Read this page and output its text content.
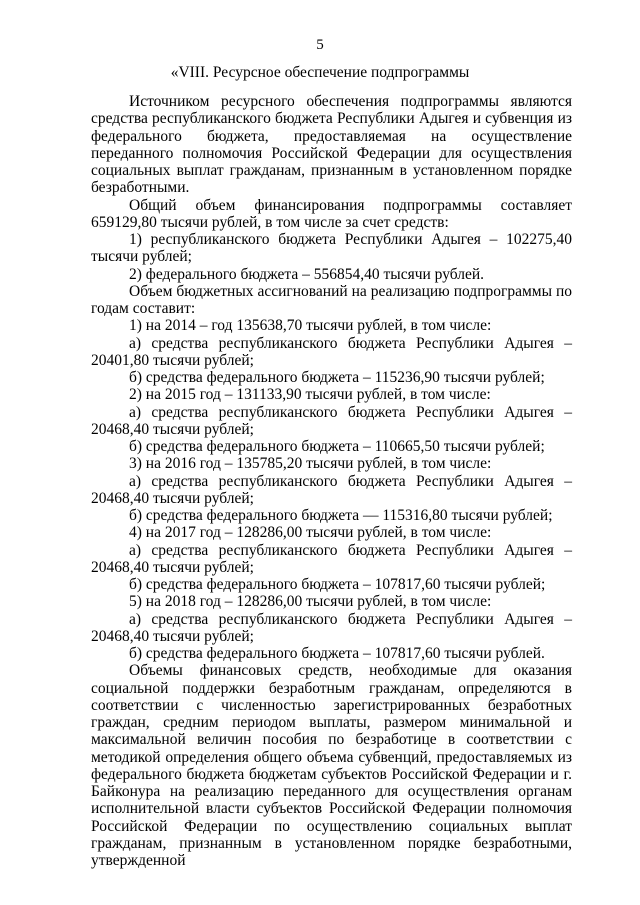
5
«VIII. Ресурсное обеспечение подпрограммы

Источником ресурсного обеспечения подпрограммы являются средства республиканского бюджета Республики Адыгея и субвенция из федерального бюджета, предоставляемая на осуществление переданного полномочия Российской Федерации для осуществления социальных выплат гражданам, признанным в установленном порядке безработными.

Общий объем финансирования подпрограммы составляет 659129,80 тысячи рублей, в том числе за счет средств:

1) республиканского бюджета Республики Адыгея – 102275,40 тысячи рублей;

2) федерального бюджета – 556854,40 тысячи рублей.

Объем бюджетных ассигнований на реализацию подпрограммы по годам составит:

1) на 2014 – год 135638,70 тысячи рублей, в том числе:

а) средства республиканского бюджета Республики Адыгея – 20401,80 тысячи рублей;

б) средства федерального бюджета – 115236,90 тысячи рублей;

2) на 2015 год – 131133,90 тысячи рублей, в том числе:

а) средства республиканского бюджета Республики Адыгея – 20468,40 тысячи рублей;

б) средства федерального бюджета – 110665,50 тысячи рублей;

3) на 2016 год – 135785,20 тысячи рублей, в том числе:

а) средства республиканского бюджета Республики Адыгея – 20468,40 тысячи рублей;

б) средства федерального бюджета — 115316,80 тысячи рублей;

4) на 2017 год – 128286,00 тысячи рублей, в том числе:

а) средства республиканского бюджета Республики Адыгея – 20468,40 тысячи рублей;

б) средства федерального бюджета – 107817,60 тысячи рублей;

5) на 2018 год – 128286,00 тысячи рублей, в том числе:

а) средства республиканского бюджета Республики Адыгея – 20468,40 тысячи рублей;

б) средства федерального бюджета – 107817,60 тысячи рублей.

Объемы финансовых средств, необходимые для оказания социальной поддержки безработным гражданам, определяются в соответствии с численностью зарегистрированных безработных граждан, средним периодом выплаты, размером минимальной и максимальной величин пособия по безработице в соответствии с методикой определения общего объема субвенций, предоставляемых из федерального бюджета бюджетам субъектов Российской Федерации и г. Байконура на реализацию переданного для осуществления органам исполнительной власти субъектов Российской Федерации полномочия Российской Федерации по осуществлению социальных выплат гражданам, признанным в установленном порядке безработными, утвержденной
